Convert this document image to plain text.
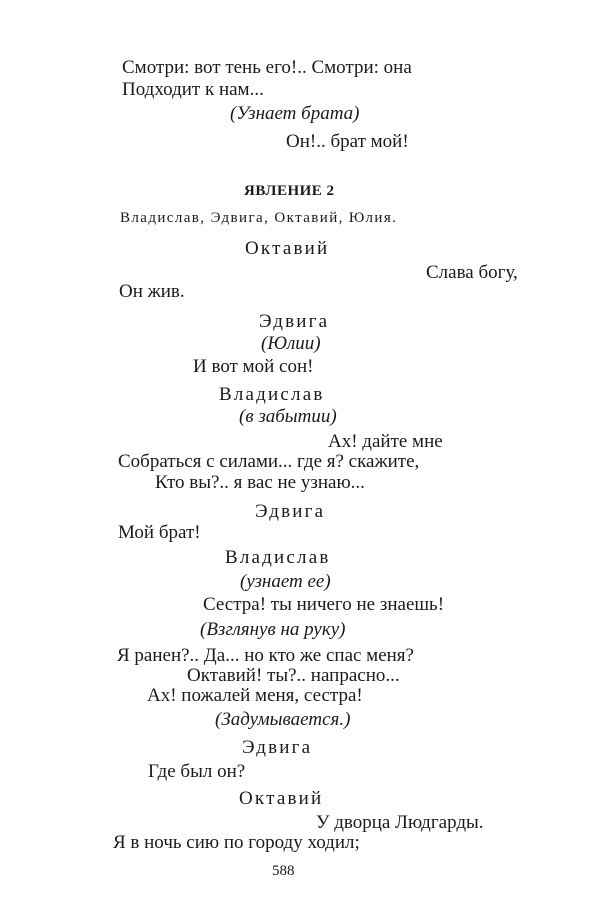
Смотри: вот тень его!.. Смотри: она
Подходит к нам...
(Узнает брата)
Он!.. брат мой!
ЯВЛЕНИЕ 2
Владислав, Эдвига, Октавий, Юлия.
Октавий
Слава богу,
Он жив.
Эдвига
(Юлии)
И вот мой сон!
Владислав
(в забытии)
Ах! дайте мне
Собраться с силами... где я? скажите,
Кто вы?.. я вас не узнаю...
Эдвига
Мой брат!
Владислав
(узнает ее)
Сестра! ты ничего не знаешь!
(Взглянув на руку)
Я ранен?.. Да... но кто же спас меня?
Октавий! ты?.. напрасно...
Ах! пожалей меня, сестра!
(Задумывается.)
Эдвига
Где был он?
Октавий
У дворца Людгарды.
Я в ночь сию по городу ходил;
588
